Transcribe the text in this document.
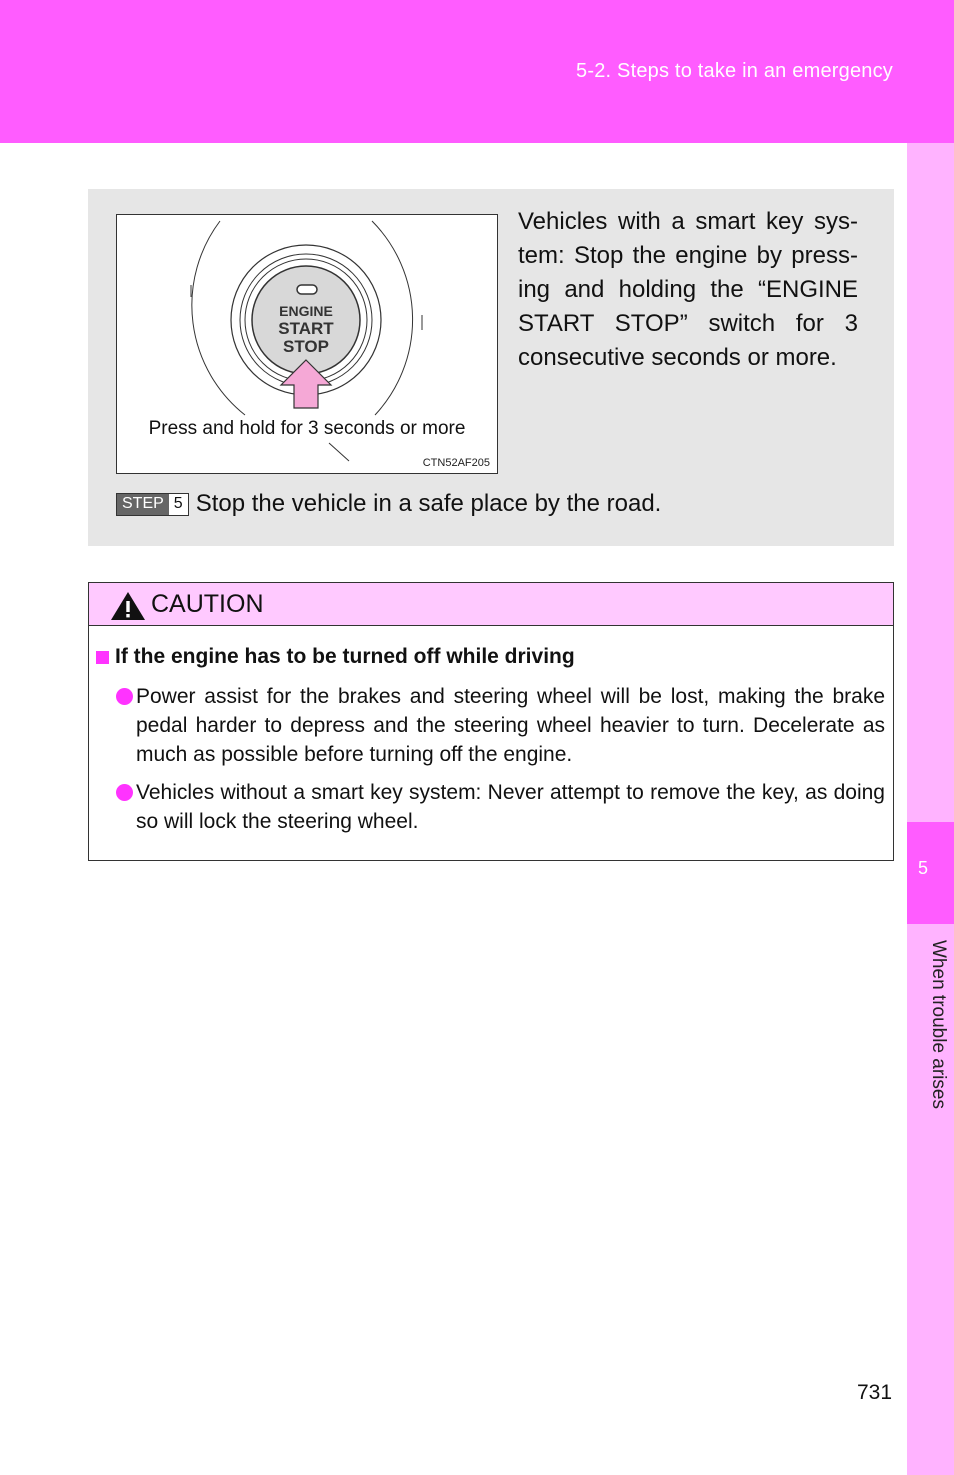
5-2. Steps to take in an emergency
5
When trouble arises
ENGINE
START
STOP
Press and hold for 3 seconds or more
CTN52AF205
Vehicles with a smart key sys- tem: Stop the engine by press- ing and holding the “ENGINE START STOP” switch for 3 consecutive seconds or more.
STEP 5 Stop the vehicle in a safe place by the road.
CAUTION
If the engine has to be turned off while driving
Power assist for the brakes and steering wheel will be lost, making the brake pedal harder to depress and the steering wheel heavier to turn. Decelerate as much as possible before turning off the engine.
Vehicles without a smart key system: Never attempt to remove the key, as doing so will lock the steering wheel.
731
